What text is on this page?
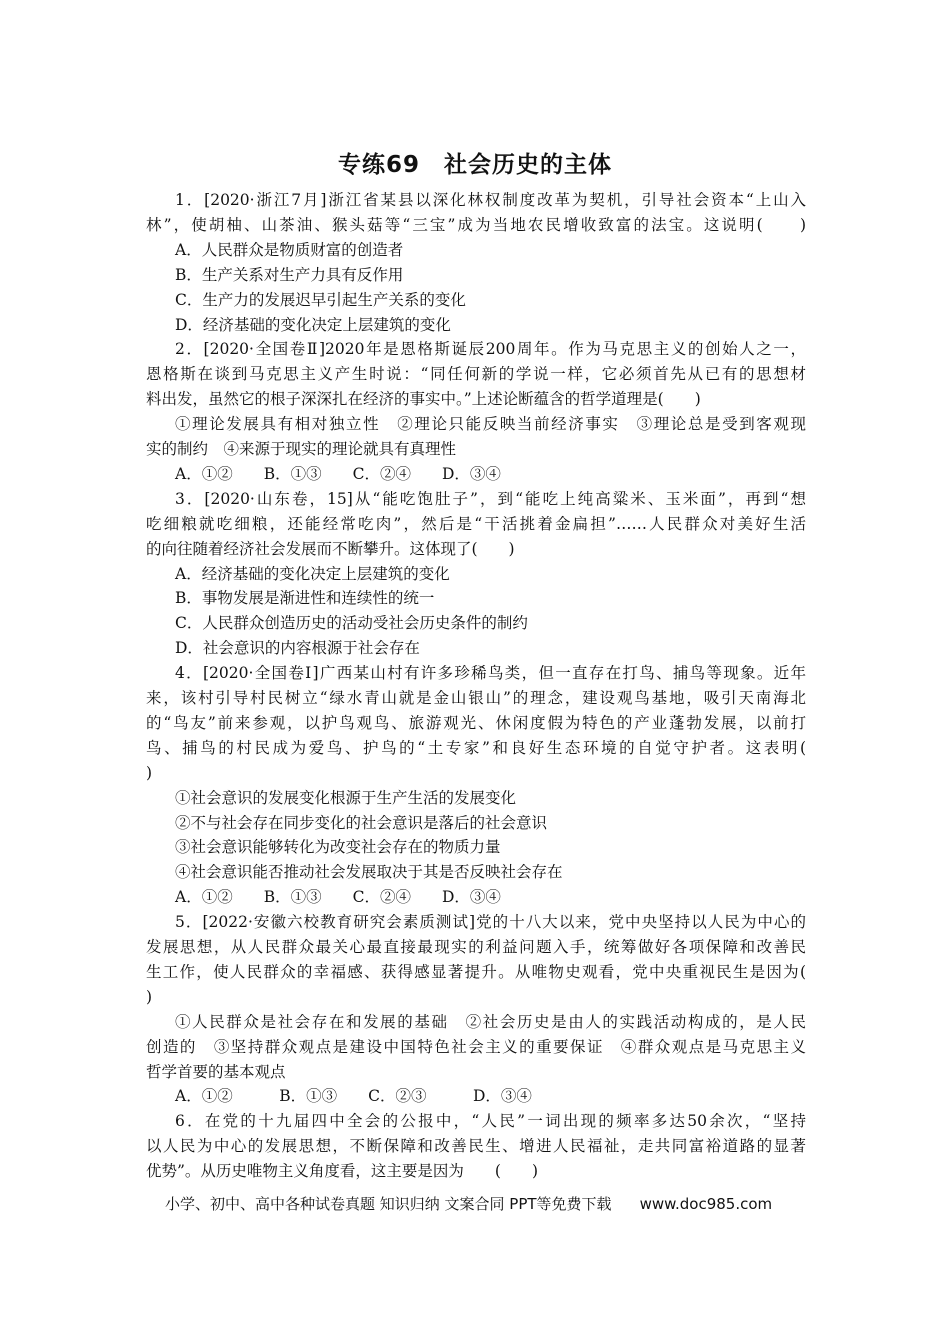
专练69　社会历史的主体
1．[2020·浙江7月]浙江省某县以深化林权制度改革为契机，引导社会资本“上山入
林”，使胡柚、山茶油、猴头菇等“三宝”成为当地农民增收致富的法宝。这说明(　　)
A．人民群众是物质财富的创造者
B．生产关系对生产力具有反作用
C．生产力的发展迟早引起生产关系的变化
D．经济基础的变化决定上层建筑的变化
2．[2020·全国卷Ⅱ]2020年是恩格斯诞辰200周年。作为马克思主义的创始人之一，
恩格斯在谈到马克思主义产生时说：“同任何新的学说一样，它必须首先从已有的思想材
料出发，虽然它的根子深深扎在经济的事实中。”上述论断蕴含的哲学道理是(　　)
①理论发展具有相对独立性　②理论只能反映当前经济事实　③理论总是受到客观现
实的制约　④来源于现实的理论就具有真理性
A．①②　　B．①③　　C．②④　　D．③④
3．[2020·山东卷，15]从“能吃饱肚子”，到“能吃上纯高粱米、玉米面”，再到“想
吃细粮就吃细粮，还能经常吃肉”，然后是“干活挑着金扁担”……人民群众对美好生活
的向往随着经济社会发展而不断攀升。这体现了(　　)
A．经济基础的变化决定上层建筑的变化
B．事物发展是渐进性和连续性的统一
C．人民群众创造历史的活动受社会历史条件的制约
D．社会意识的内容根源于社会存在
4．[2020·全国卷Ⅰ]广西某山村有许多珍稀鸟类，但一直存在打鸟、捕鸟等现象。近年
来，该村引导村民树立“绿水青山就是金山银山”的理念，建设观鸟基地，吸引天南海北
的“鸟友”前来参观，以护鸟观鸟、旅游观光、休闲度假为特色的产业蓬勃发展，以前打
鸟、捕鸟的村民成为爱鸟、护鸟的“土专家”和良好生态环境的自觉守护者。这表明(
)
①社会意识的发展变化根源于生产生活的发展变化
②不与社会存在同步变化的社会意识是落后的社会意识
③社会意识能够转化为改变社会存在的物质力量
④社会意识能否推动社会发展取决于其是否反映社会存在
A．①②　　B．①③　　C．②④　　D．③④
5．[2022·安徽六校教育研究会素质测试]党的十八大以来，党中央坚持以人民为中心的
发展思想，从人民群众最关心最直接最现实的利益问题入手，统筹做好各项保障和改善民
生工作，使人民群众的幸福感、获得感显著提升。从唯物史观看，党中央重视民生是因为(
)
①人民群众是社会存在和发展的基础　②社会历史是由人的实践活动构成的，是人民
创造的　③坚持群众观点是建设中国特色社会主义的重要保证　④群众观点是马克思主义
哲学首要的基本观点
A．①②　　　B．①③　　C．②③　　　D．③④
6．在党的十九届四中全会的公报中，“人民”一词出现的频率多达50余次，“坚持
以人民为中心的发展思想，不断保障和改善民生、增进人民福祉，走共同富裕道路的显著
优势”。从历史唯物主义角度看，这主要是因为　　(　　)
小学、初中、高中各种试卷真题 知识归纳 文案合同 PPT等免费下载 www.doc985.com
